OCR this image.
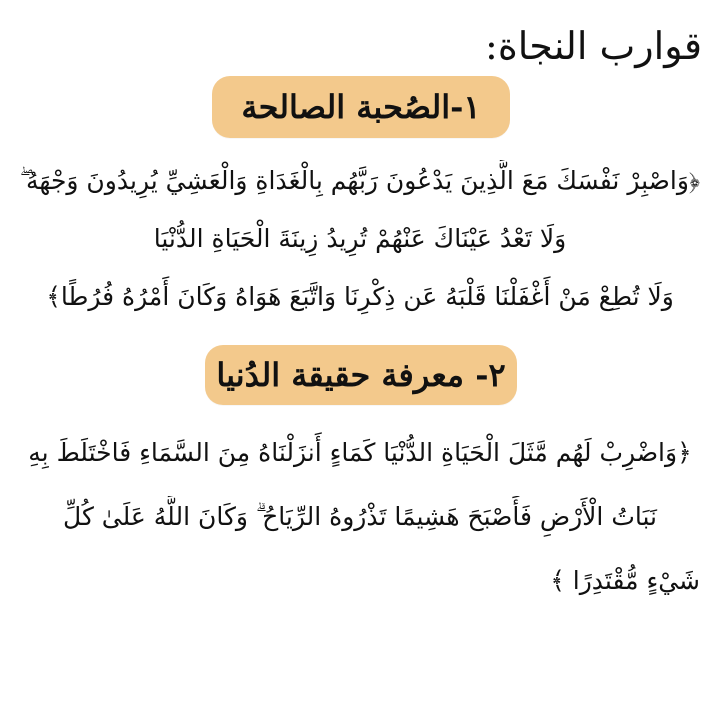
قوارب النجاة:
١-الصُحبة الصالحة
﴿وَاصْبِرْ نَفْسَكَ مَعَ الَّذِينَ يَدْعُونَ رَبَّهُم بِالْغَدَاةِ وَالْعَشِيِّ يُرِيدُونَ وَجْهَهُ ۖ
وَلَا تَعْدُ عَيْنَاكَ عَنْهُمْ تُرِيدُ زِينَةَ الْحَيَاةِ الدُّنْيَا
وَلَا تُطِعْ مَنْ أَغْفَلْنَا قَلْبَهُ عَن ذِكْرِنَا وَاتَّبَعَ هَوَاهُ وَكَانَ أَمْرُهُ فُرُطًا﴾
٢- معرفة حقيقة الدُنيا
﴿وَاضْرِبْ لَهُم مَّثَلَ الْحَيَاةِ الدُّنْيَا كَمَاءٍ أَنزَلْنَاهُ مِنَ السَّمَاءِ فَاخْتَلَطَ بِهِ
نَبَاتُ الْأَرْضِ فَأَصْبَحَ هَشِيمًا تَذْرُوهُ الرِّيَاحُ ۗ وَكَانَ اللَّهُ عَلَىٰ كُلِّ
شَيْءٍ مُّقْتَدِرًا ﴾
